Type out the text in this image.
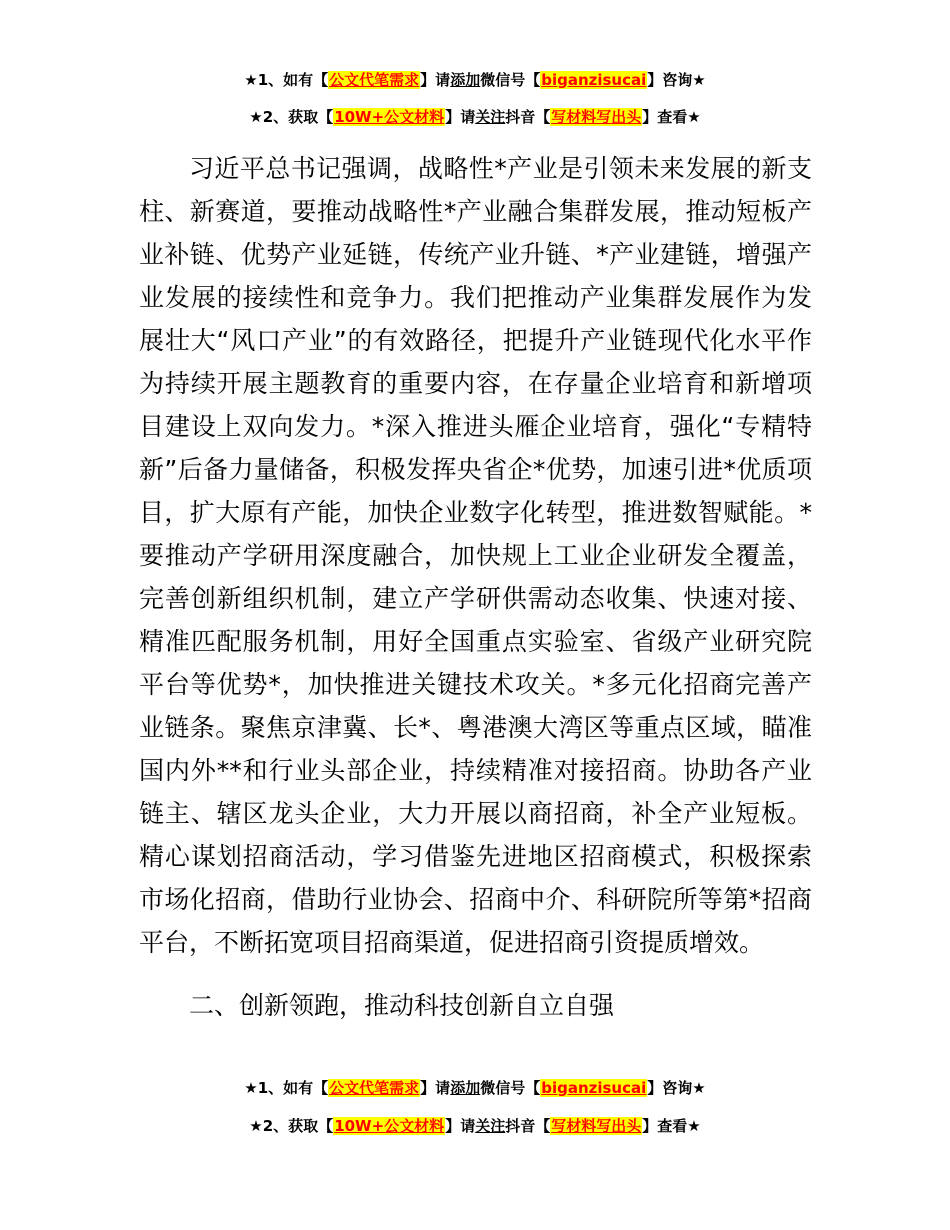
★1、如有【公文代笔需求】请添加微信号【biganzisucai】咨询★
★2、获取【10W+公文材料】请关注抖音【写材料写出头】查看★

习近平总书记强调，战略性*产业是引领未来发展的新支柱、新赛道，要推动战略性*产业融合集群发展，推动短板产业补链、优势产业延链，传统产业升链、*产业建链，增强产业发展的接续性和竞争力。我们把推动产业集群发展作为发展壮大“风口产业”的有效路径，把提升产业链现代化水平作为持续开展主题教育的重要内容，在存量企业培育和新增项目建设上双向发力。*深入推进头雁企业培育，强化“专精特新”后备力量储备，积极发挥央省企*优势，加速引进*优质项目，扩大原有产能，加快企业数字化转型，推进数智赋能。*要推动产学研用深度融合，加快规上工业企业研发全覆盖，完善创新组织机制，建立产学研供需动态收集、快速对接、精准匹配服务机制，用好全国重点实验室、省级产业研究院平台等优势*，加快推进关键技术攻关。*多元化招商完善产业链条。聚焦京津冀、长*、粤港澳大湾区等重点区域，瞄准国内外**和行业头部企业，持续精准对接招商。协助各产业链主、辖区龙头企业，大力开展以商招商，补全产业短板。精心谋划招商活动，学习借鉴先进地区招商模式，积极探索市场化招商，借助行业协会、招商中介、科研院所等第*招商平台，不断拓宽项目招商渠道，促进招商引资提质增效。

二、创新领跑，推动科技创新自立自强

★1、如有【公文代笔需求】请添加微信号【biganzisucai】咨询★
★2、获取【10W+公文材料】请关注抖音【写材料写出头】查看★
